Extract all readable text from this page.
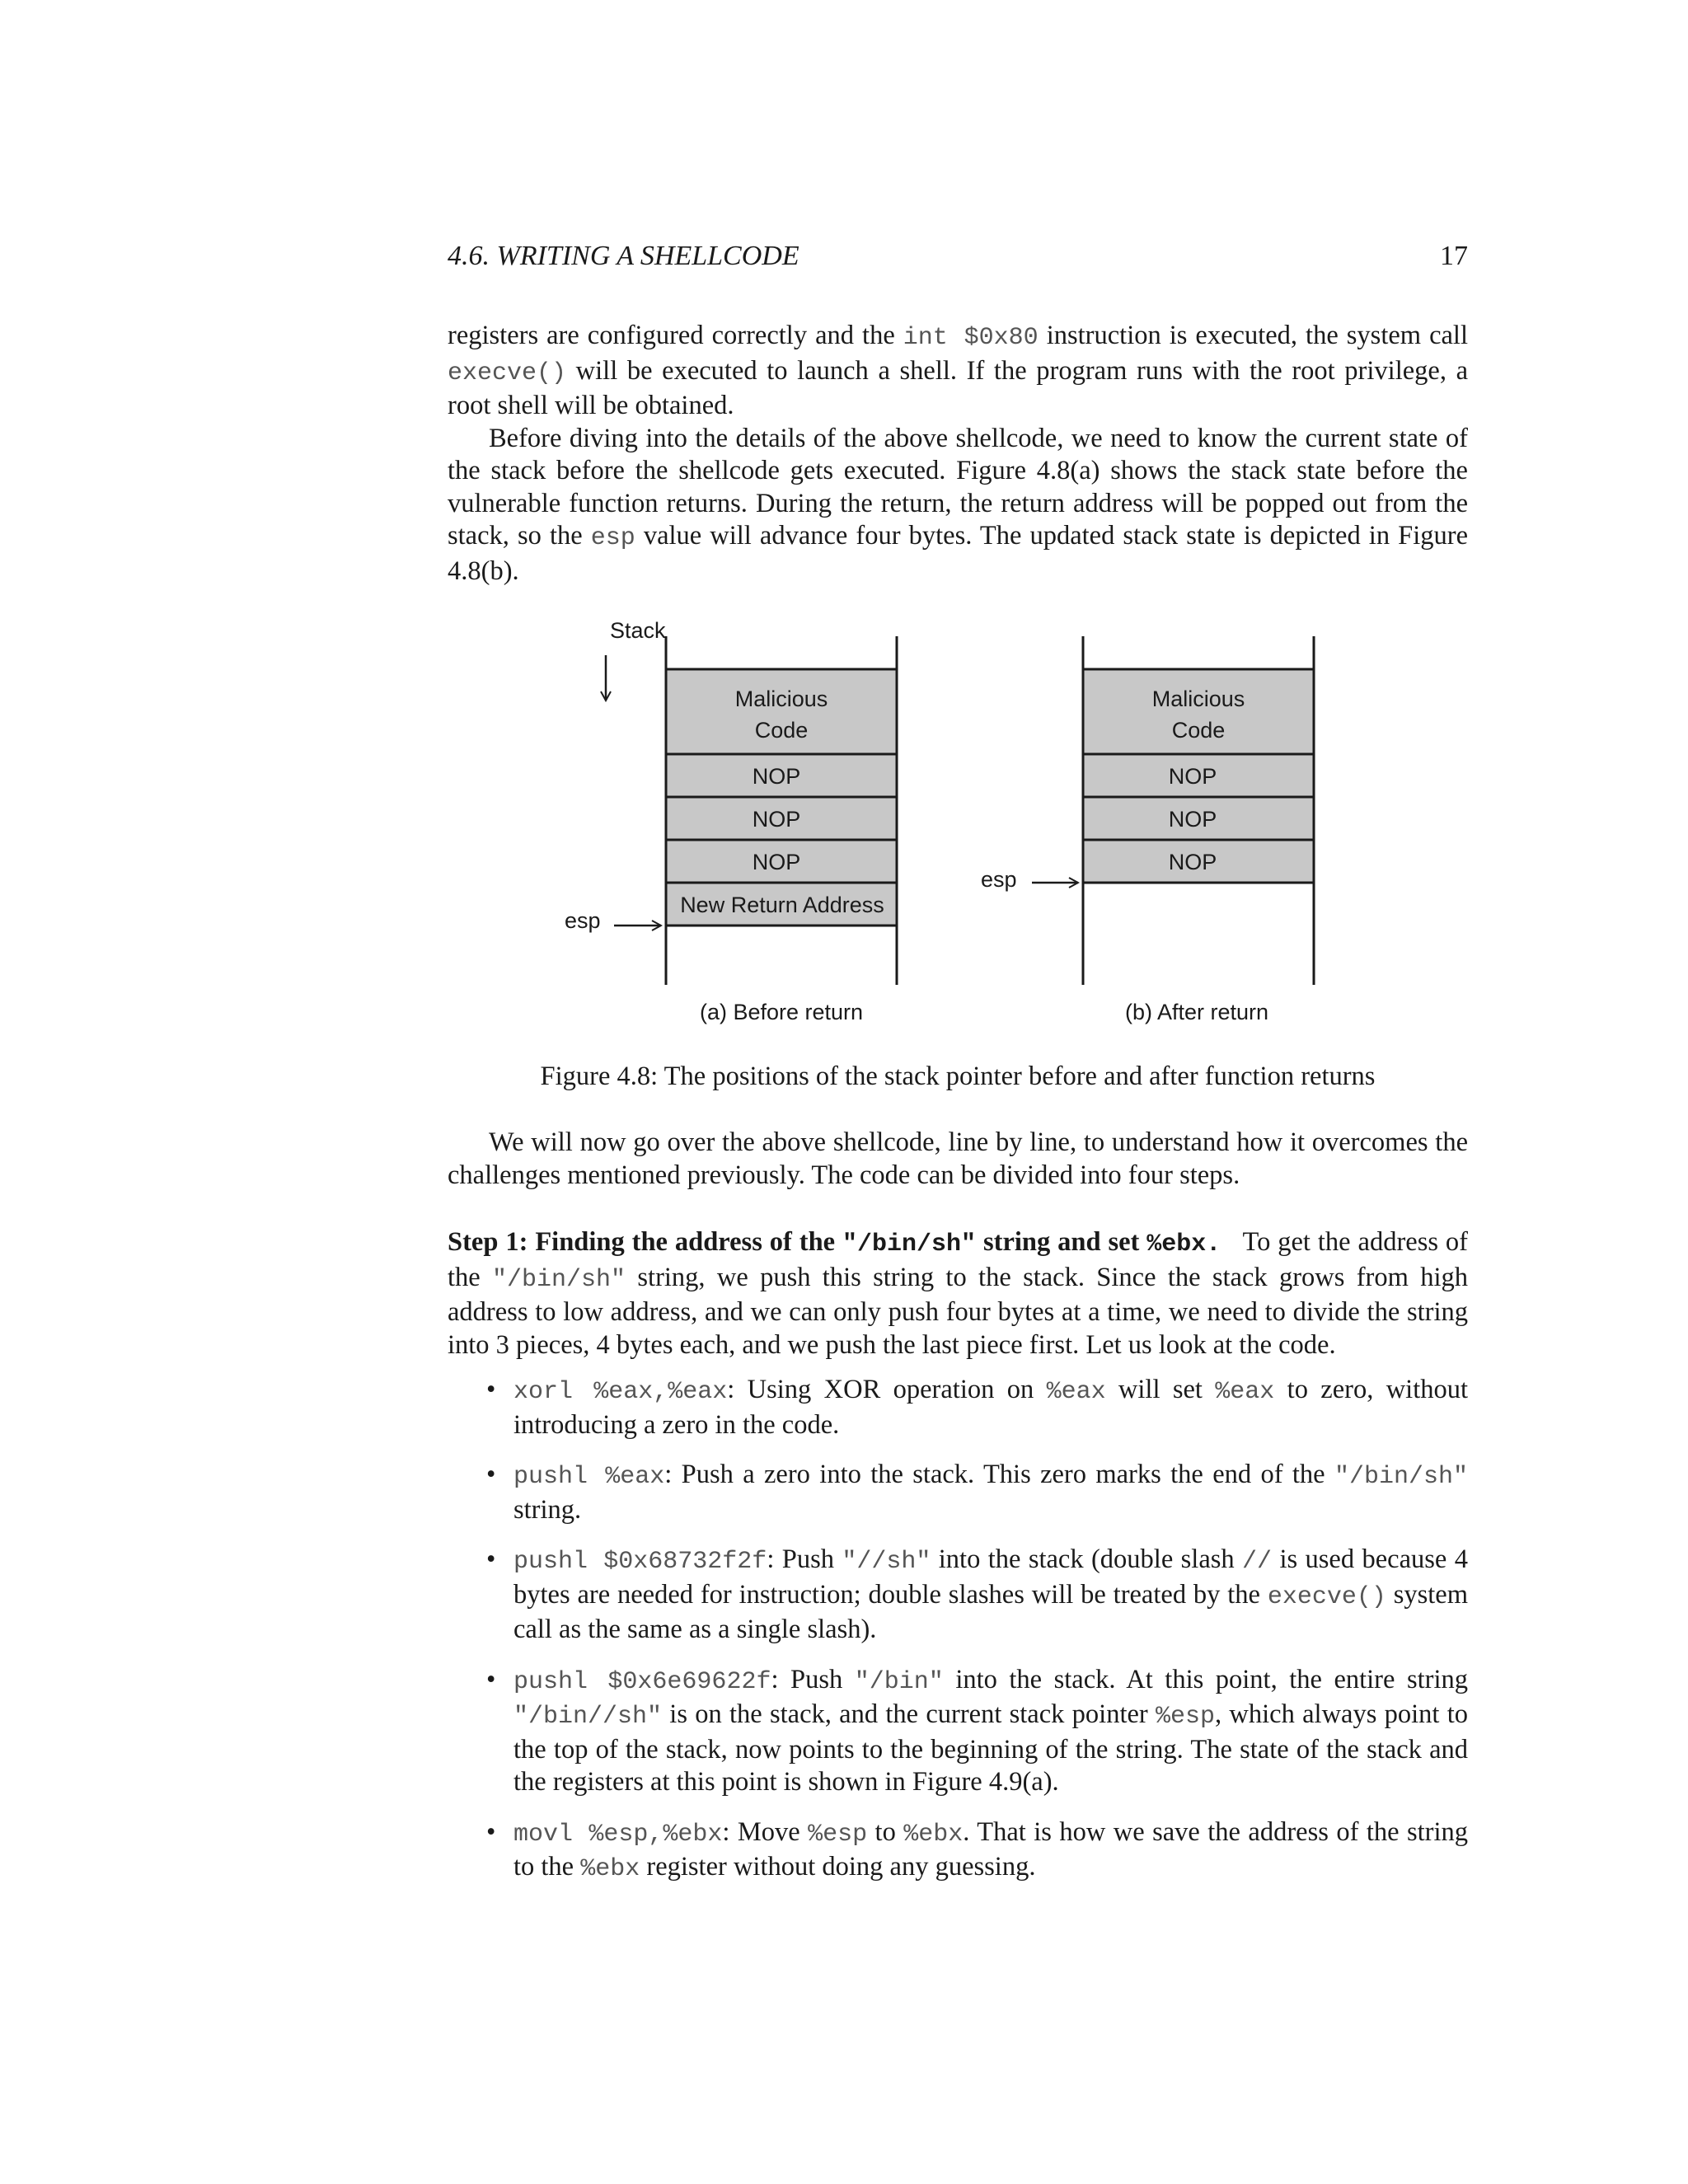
4.6. WRITING A SHELLCODE	17

registers are configured correctly and the int $0x80 instruction is executed, the system call execve() will be executed to launch a shell. If the program runs with the root privilege, a root shell will be obtained.

Before diving into the details of the above shellcode, we need to know the current state of the stack before the shellcode gets executed. Figure 4.8(a) shows the stack state before the vulnerable function returns. During the return, the return address will be popped out from the stack, so the esp value will advance four bytes. The updated stack state is depicted in Figure 4.8(b).

Stack
Malicious
Code
NOP
NOP
NOP
New Return Address
esp
(a) Before return
Malicious
Code
NOP
NOP
NOP
esp
(b) After return
Figure 4.8: The positions of the stack pointer before and after function returns

We will now go over the above shellcode, line by line, to understand how it overcomes the challenges mentioned previously. The code can be divided into four steps.

Step 1: Finding the address of the "/bin/sh" string and set %ebx.   To get the address of the "/bin/sh" string, we push this string to the stack. Since the stack grows from high address to low address, and we can only push four bytes at a time, we need to divide the string into 3 pieces, 4 bytes each, and we push the last piece first. Let us look at the code.

• xorl %eax,%eax: Using XOR operation on %eax will set %eax to zero, without introducing a zero in the code.
• pushl %eax: Push a zero into the stack. This zero marks the end of the "/bin/sh" string.
• pushl $0x68732f2f: Push "//sh" into the stack (double slash // is used because 4 bytes are needed for instruction; double slashes will be treated by the execve() system call as the same as a single slash).
• pushl $0x6e69622f: Push "/bin" into the stack. At this point, the entire string "/bin//sh" is on the stack, and the current stack pointer %esp, which always point to the top of the stack, now points to the beginning of the string. The state of the stack and the registers at this point is shown in Figure 4.9(a).
• movl %esp,%ebx: Move %esp to %ebx. That is how we save the address of the string to the %ebx register without doing any guessing.
